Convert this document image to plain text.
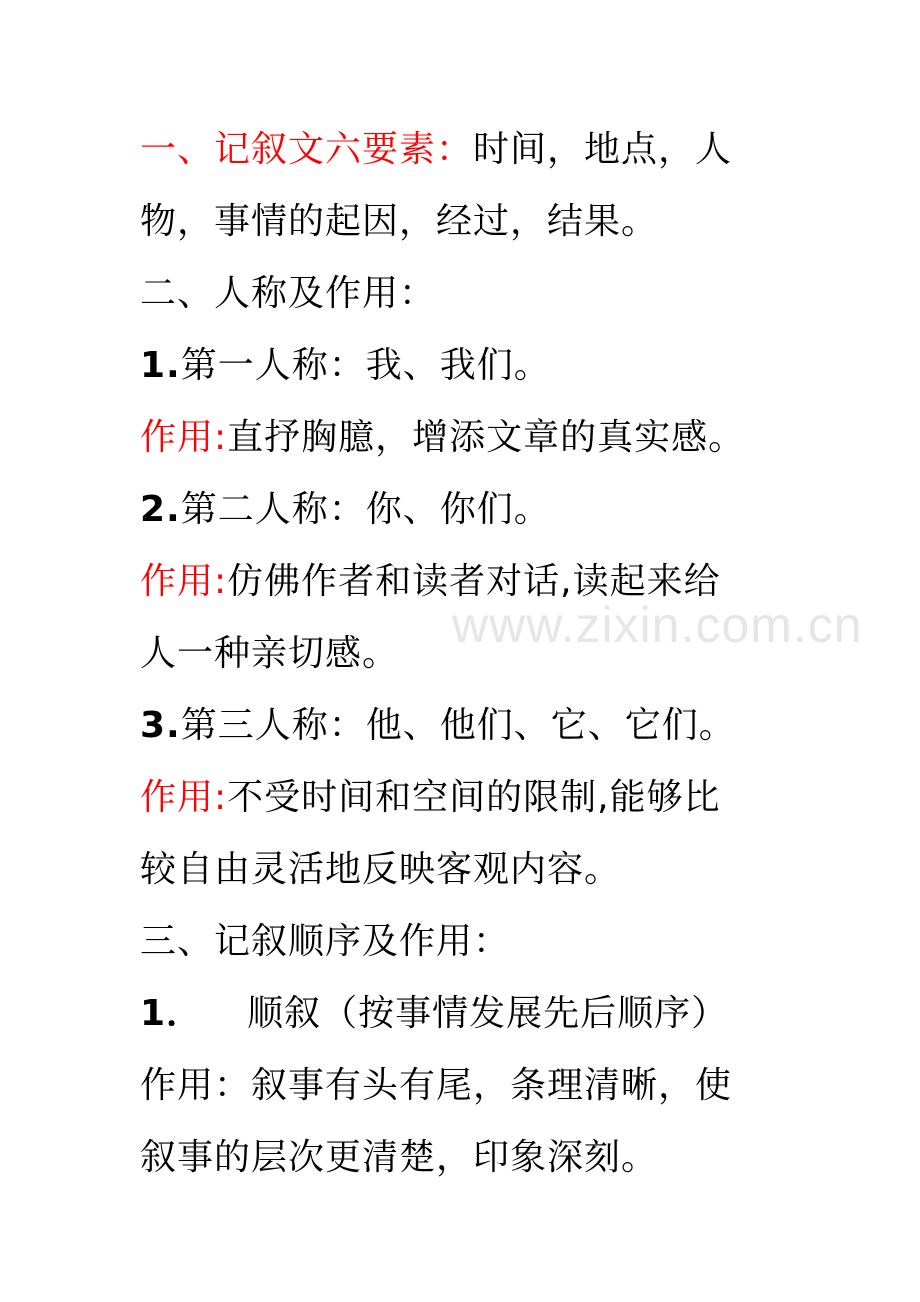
www.zixin.com.cn
一、记叙文六要素：时间，地点，人
物，事情的起因，经过，结果。
二、人称及作用：
1.第一人称：我、我们。
作用:直抒胸臆，增添文章的真实感。
2.第二人称：你、你们。
作用:仿佛作者和读者对话,读起来给
人一种亲切感。
3.第三人称：他、他们、它、它们。
作用:不受时间和空间的限制,能够比
较自由灵活地反映客观内容。
三、记叙顺序及作用：
1． 顺叙（按事情发展先后顺序）
作用：叙事有头有尾，条理清晰，使
叙事的层次更清楚，印象深刻。
